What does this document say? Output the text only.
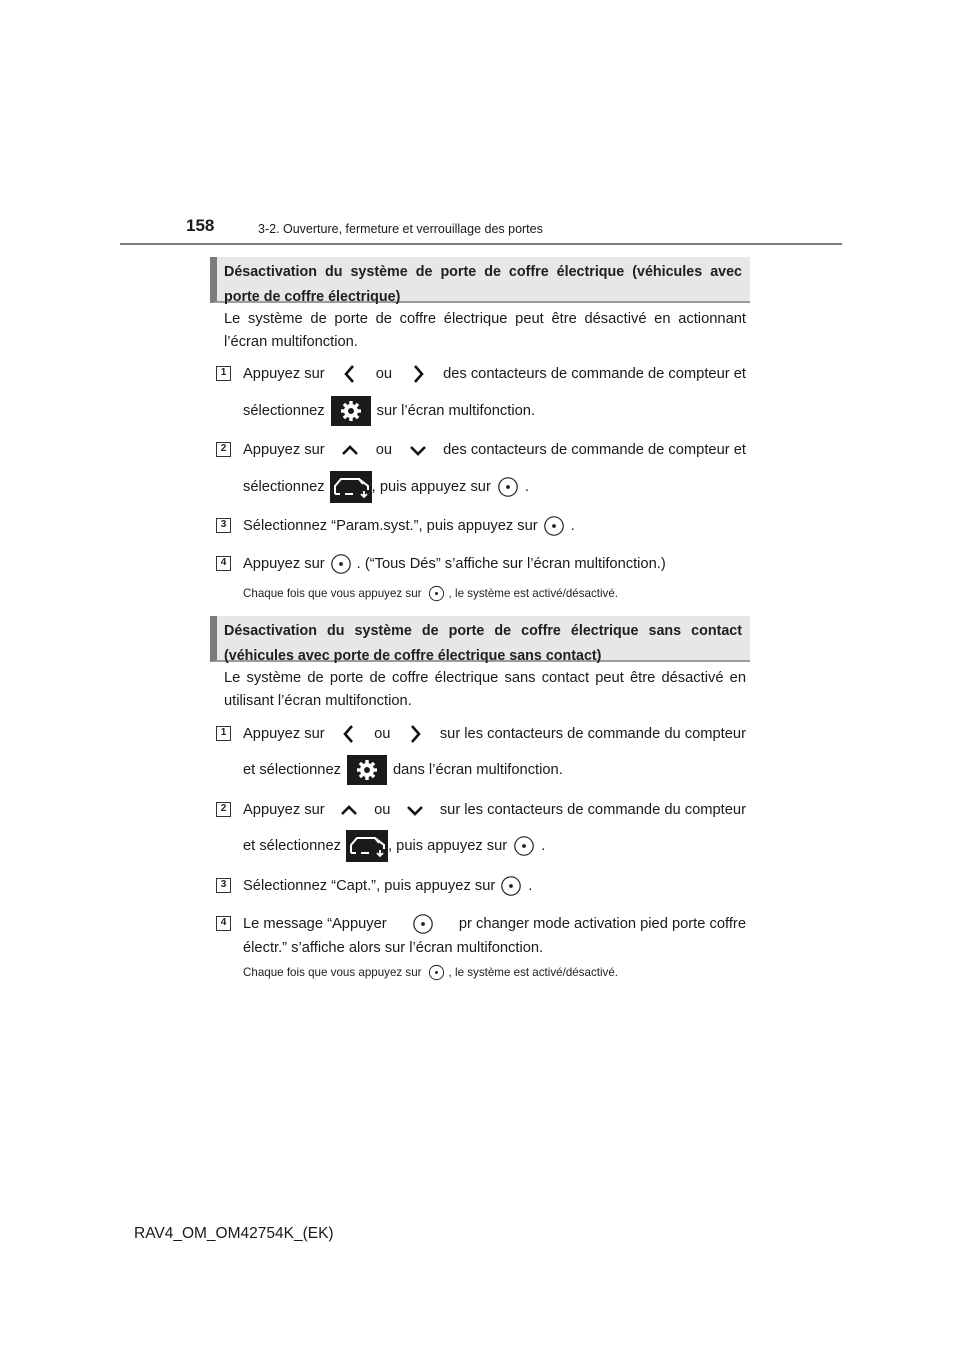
158	3-2. Ouverture, fermeture et verrouillage des portes
Désactivation du système de porte de coffre électrique (véhicules avec porte de coffre électrique)
Le système de porte de coffre électrique peut être désactivé en actionnant l’écran multifonction.
1	Appuyez sur	ou	des contacteurs de commande de compteur et
sélectionnez	sur l’écran multifonction.
2	Appuyez sur	ou	des contacteurs de commande de compteur et
sélectionnez	, puis appuyez sur .
3	Sélectionnez “Param.syst.”, puis appuyez sur .
4	Appuyez sur . (“Tous Dés” s’affiche sur l’écran multifonction.)
Chaque fois que vous appuyez sur , le système est activé/désactivé.
Désactivation du système de porte de coffre électrique sans contact (véhicules avec porte de coffre électrique sans contact)
Le système de porte de coffre électrique sans contact peut être désactivé en utilisant l’écran multifonction.
1	Appuyez sur	ou	sur les contacteurs de commande du compteur
et sélectionnez	dans l’écran multifonction.
2	Appuyez sur	ou	sur les contacteurs de commande du compteur
et sélectionnez	, puis appuyez sur .
3	Sélectionnez “Capt.”, puis appuyez sur .
4	Le message “Appuyer	pr changer mode activation pied porte coffre
électr.” s’affiche alors sur l’écran multifonction.
Chaque fois que vous appuyez sur , le système est activé/désactivé.
RAV4_OM_OM42754K_(EK)
